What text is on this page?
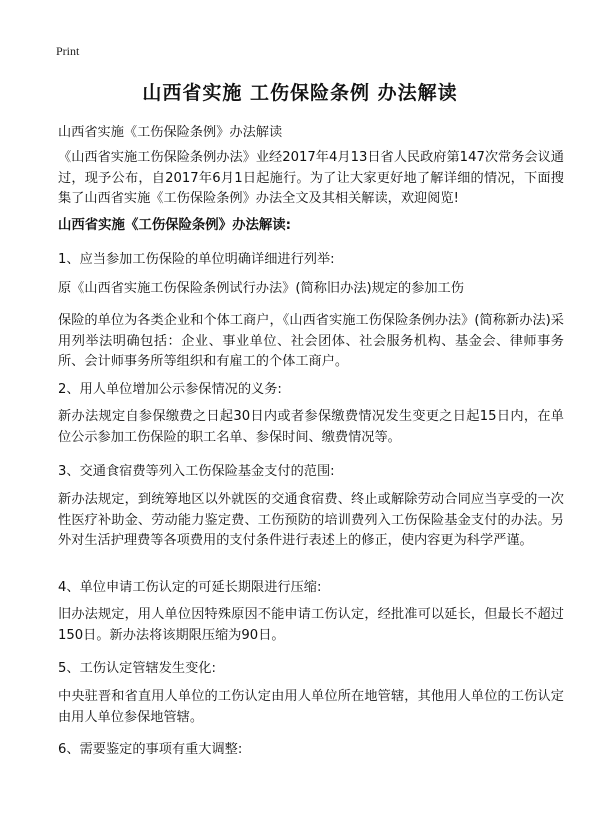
Print
山西省实施 工伤保险条例 办法解读
山西省实施《工伤保险条例》办法解读
《山西省实施工伤保险条例办法》业经2017年4月13日省人民政府第147次常务会议通过，现予公布，自2017年6月1日起施行。为了让大家更好地了解详细的情况，下面搜集了山西省实施《工伤保险条例》办法全文及其相关解读，欢迎阅览!
山西省实施《工伤保险条例》办法解读:
1、应当参加工伤保险的单位明确详细进行列举:
原《山西省实施工伤保险条例试行办法》(简称旧办法)规定的参加工伤
保险的单位为各类企业和个体工商户，《山西省实施工伤保险条例办法》(简称新办法)采用列举法明确包括：企业、事业单位、社会团体、社会服务机构、基金会、律师事务所、会计师事务所等组织和有雇工的个体工商户。
2、用人单位增加公示参保情况的义务:
新办法规定自参保缴费之日起30日内或者参保缴费情况发生变更之日起15日内，在单位公示参加工伤保险的职工名单、参保时间、缴费情况等。
3、交通食宿费等列入工伤保险基金支付的范围:
新办法规定，到统筹地区以外就医的交通食宿费、终止或解除劳动合同应当享受的一次性医疗补助金、劳动能力鉴定费、工伤预防的培训费列入工伤保险基金支付的办法。另外对生活护理费等各项费用的支付条件进行表述上的修正，使内容更为科学严谨。
4、单位申请工伤认定的可延长期限进行压缩:
旧办法规定，用人单位因特殊原因不能申请工伤认定，经批准可以延长，但最长不超过150日。新办法将该期限压缩为90日。
5、工伤认定管辖发生变化:
中央驻晋和省直用人单位的工伤认定由用人单位所在地管辖，其他用人单位的工伤认定由用人单位参保地管辖。
6、需要鉴定的事项有重大调整:
